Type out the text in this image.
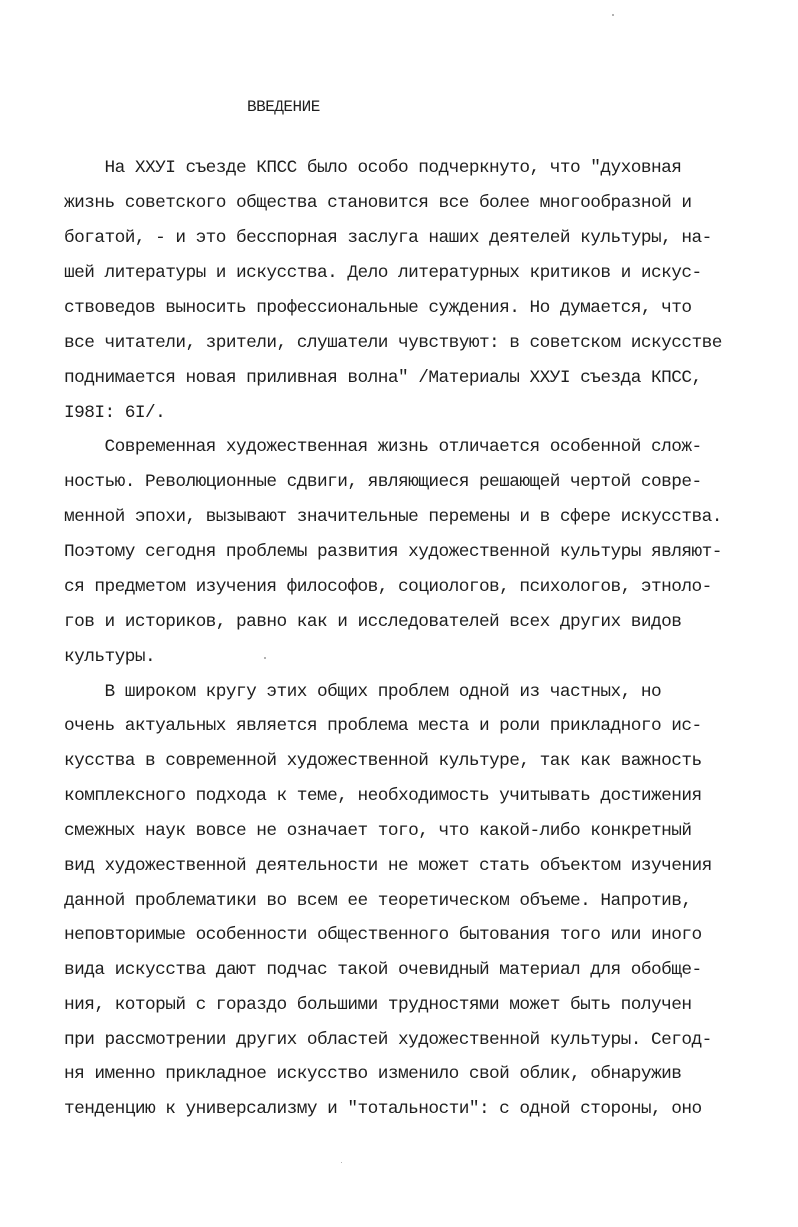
ВВЕДЕНИЕ
На ХХУI съезде КПСС было особо подчеркнуто, что "духовная
жизнь советского общества становится все более многообразной и
богатой, - и это бесспорная заслуга наших деятелей культуры, на-
шей литературы и искусства. Дело литературных критиков и искус-
ствоведов выносить профессиональные суждения. Но думается, что
все читатели, зрители, слушатели чувствуют: в советском искусстве
поднимается новая приливная волна" /Материалы ХХУI съезда КПСС,
I98I: 6I/.
Современная художественная жизнь отличается особенной слож-
ностью. Революционные сдвиги, являющиеся решающей чертой совре-
менной эпохи, вызывают значительные перемены и в сфере искусства.
Поэтому сегодня проблемы развития художественной культуры являют-
ся предметом изучения философов, социологов, психологов, этноло-
гов и историков, равно как и исследователей всех других видов
культуры.
В широком кругу этих общих проблем одной из частных, но
очень актуальных является проблема места и роли прикладного ис-
кусства в современной художественной культуре, так как важность
комплексного подхода к теме, необходимость учитывать достижения
смежных наук вовсе не означает того, что какой-либо конкретный
вид художественной деятельности не может стать объектом изучения
данной проблематики во всем ее теоретическом объеме. Напротив,
неповторимые особенности общественного бытования того или иного
вида искусства дают подчас такой очевидный материал для обобще-
ния, который с гораздо большими трудностями может быть получен
при рассмотрении других областей художественной культуры. Сегод-
ня именно прикладное искусство изменило свой облик, обнаружив
тенденцию к универсализму и "тотальности": с одной стороны, оно
